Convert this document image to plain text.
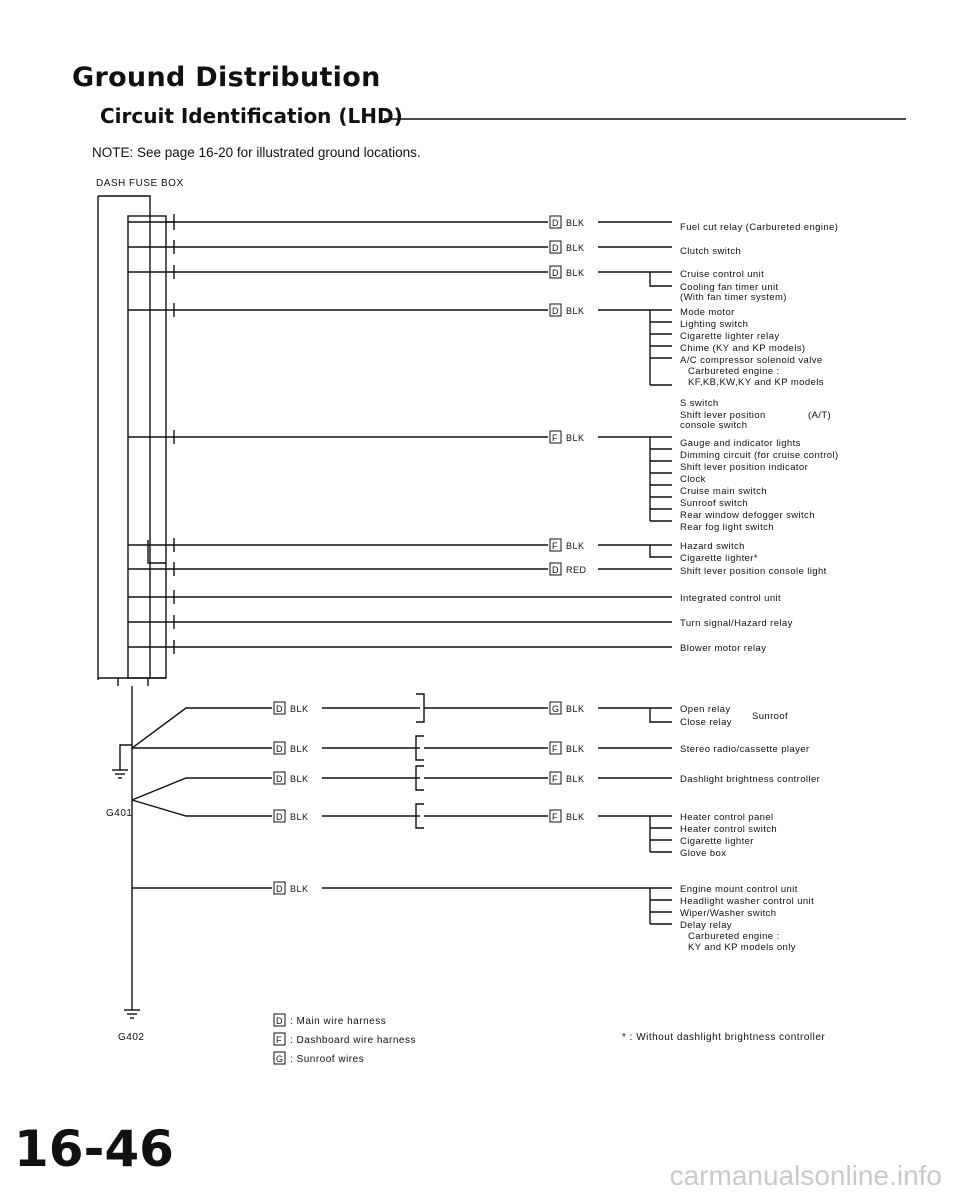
Ground Distribution
Circuit Identification (LHD)
NOTE: See page 16-20 for illustrated ground locations.
DASH FUSE BOX
D BLK
D BLK
D BLK
D BLK
F BLK
F BLK
D RED
D BLK
D BLK
D BLK
D BLK
D BLK
G BLK
F BLK
F BLK
F BLK
Fuel cut relay (Carbureted engine)
Clutch switch
Cruise control unit
Cooling fan timer unit
(With fan timer system)
Mode motor
Lighting switch
Cigarette lighter relay
Chime (KY and KP models)
A/C compressor solenoid valve
Carbureted engine :
KF,KB,KW,KY and KP models
S switch
Shift lever position
console switch
(A/T)
Gauge and indicator lights
Dimming circuit (for cruise control)
Shift lever position indicator
Clock
Cruise main switch
Sunroof switch
Rear window defogger switch
Rear fog light switch
Hazard switch
Cigarette lighter*
Shift lever position console light
Integrated control unit
Turn signal/Hazard relay
Blower motor relay
Open relay
Close relay
Sunroof
Stereo radio/cassette player
Dashlight brightness controller
Heater control panel
Heater control switch
Cigarette lighter
Glove box
Engine mount control unit
Headlight washer control unit
Wiper/Washer switch
Delay relay
Carbureted engine :
KY and KP models only
G401
G402
D : Main wire harness
F : Dashboard wire harness
G : Sunroof wires
* : Without dashlight brightness controller
16-46	carmanualsonline.info
